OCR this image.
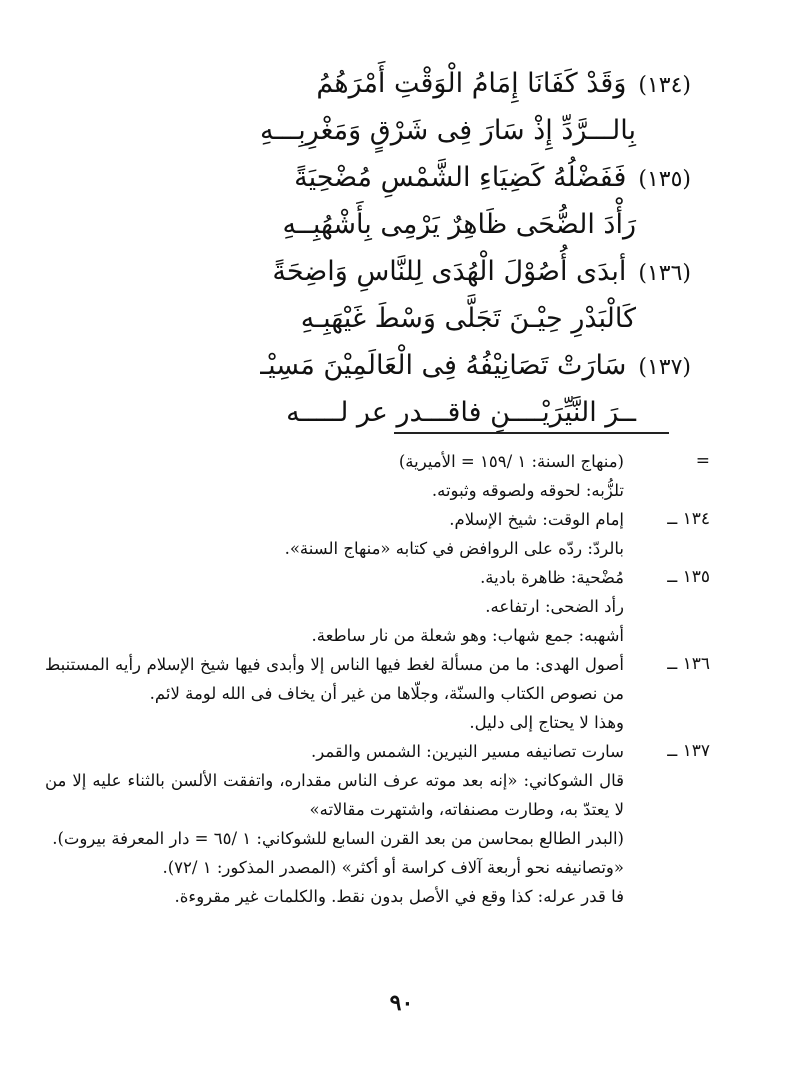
(١٣٤)
وَقَدْ كَفَانَا إِمَامُ الْوَقْتِ أَمْرَهُمُ
بِالـــرَّدِّ إِذْ سَارَ فِى شَرْقٍ وَمَغْرِبِـــهِ
(١٣٥)
فَفَضْلُهُ كَضِيَاءِ الشَّمْسِ مُضْحِيَةً
رَأْدَ الضُّحَى ظَاهِرٌ يَرْمِى بِأَشْهُبِــهِ
(١٣٦)
أبدَى أُصُوْلَ الْهُدَى لِلنَّاسِ وَاضِحَةً
كَالْبَدْرِ حِيْـنَ تَجَلَّى وَسْطَ غَيْهَبِـهِ
(١٣٧)
سَارَتْ تَصَانِيْفُهُ فِى الْعَالَمِيْنَ مَسِيْـ
ــرَ النَّيِّرَيْــــنِ فاقـــدر عر لـــــه
=
(منهاج السنة: ١ /١٥٩ = الأميرية)
تلزُّبه: لحوقه ولصوقه وثبوته.
١٣٤ ــ
إمام الوقت: شيخ الإسلام.
بالردّ: ردّه على الروافض في كتابه «منهاج السنة».
١٣٥ ــ
مُضْحية: ظاهرة بادية.
رأد الضحى: ارتفاعه.
أشهبه: جمع شهاب: وهو شعلة من نار ساطعة.
١٣٦ ــ
أصول الهدى: ما من مسألة لغط فيها الناس إلا وأبدى فيها شيخ الإسلام رأيه المستنبط من نصوص الكتاب والسنّة، وجلّاها من غير أن يخاف فى الله لومة لائم.
وهذا لا يحتاج إلى دليل.
١٣٧ ــ
سارت تصانيفه مسير النيرين: الشمس والقمر.
قال الشوكاني: «إنه بعد موته عرف الناس مقداره، واتفقت الألسن بالثناء عليه إلا من لا يعتدّ به، وطارت مصنفاته، واشتهرت مقالاته»
(البدر الطالع بمحاسن من بعد القرن السابع للشوكاني: ١ /٦٥ = دار المعرفة بيروت).
«وتصانيفه نحو أربعة آلاف كراسة أو أكثر» (المصدر المذكور: ١ /٧٢).
فا قدر عرله: كذا وقع في الأصل بدون نقط. والكلمات غير مقروءة.
٩٠
